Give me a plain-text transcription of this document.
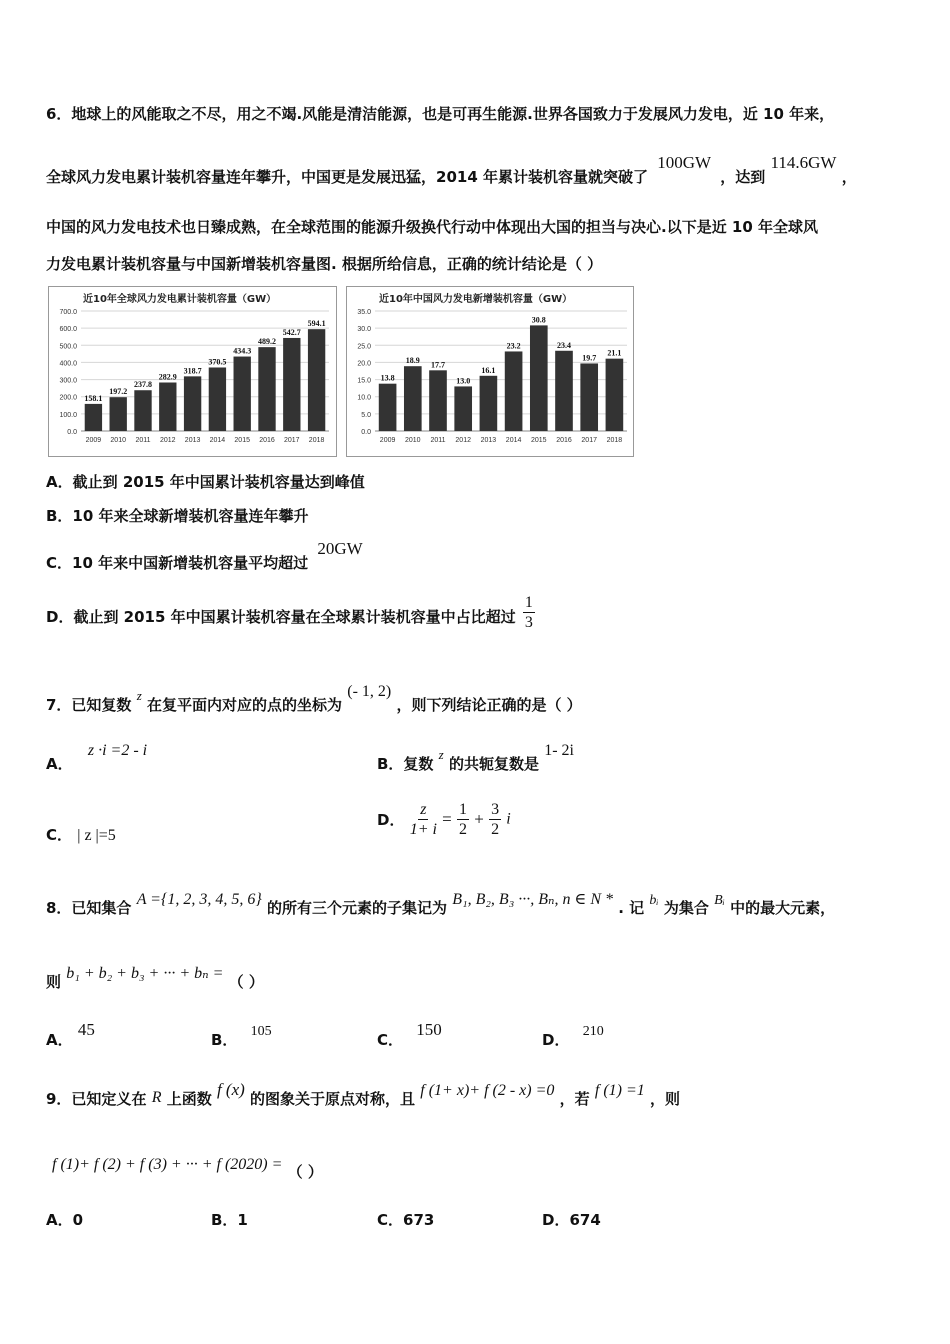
6．地球上的风能取之不尽，用之不竭.风能是清洁能源，也是可再生能源.世界各国致力于发展风力发电，近 10 年来，
全球风力发电累计装机容量连年攀升，中国更是发展迅猛，2014 年累计装机容量就突破了 100GW ，达到 114.6GW ，
中国的风力发电技术也日臻成熟，在全球范围的能源升级换代行动中体现出大国的担当与决心.以下是近 10 年全球风
力发电累计装机容量与中国新增装机容量图. 根据所给信息，正确的统计结论是（ ）
近10年全球风力发电累计装机容量（GW）
0.0
100.0
200.0
300.0
400.0
500.0
600.0
700.0
158.1
2009
197.2
2010
237.8
2011
282.9
2012
318.7
2013
370.5
2014
434.3
2015
489.2
2016
542.7
2017
594.1
2018
近10年中国风力发电新增装机容量（GW）
0.0
5.0
10.0
15.0
20.0
25.0
30.0
35.0
13.8
2009
18.9
2010
17.7
2011
13.0
2012
16.1
2013
23.2
2014
30.8
2015
23.4
2016
19.7
2017
21.1
2018
A．截止到 2015 年中国累计装机容量达到峰值
B．10 年来全球新增装机容量连年攀升
C．10 年来中国新增装机容量平均超过 20GW
D．截止到 2015 年中国累计装机容量在全球累计装机容量中占比超过 $\frac{1}{3}$
7．已知复数 z 在复平面内对应的点的坐标为 (- 1, 2) ，则下列结论正确的是（ ）
A． z ·i =2 - i
B．复数 z 的共轭复数是 1- 2i
C． | z |=5
D． $\frac{z}{1+ i} = \frac{1}{2} + \frac{3}{2}$ i
8．已知集合 A ={1, 2, 3, 4, 5, 6} 的所有三个元素的子集记为 B₁, B₂, B₃ ···, Bₙ, n ∈ N * . 记 bᵢ 为集合 Bᵢ 中的最大元素，
则 b₁ + b₂ + b₃ + ··· + bₙ = （ ）
A． 45
B． 105	C． 150
D． 210
9．已知定义在 R 上函数 f (x) 的图象关于原点对称，且 f (1+ x)+ f (2 - x) =0 ，若 f (1) =1 ，则
f (1)+ f (2) + f (3) + ··· + f (2020) = （ ）
A．0	B．1	C．673	D．674
